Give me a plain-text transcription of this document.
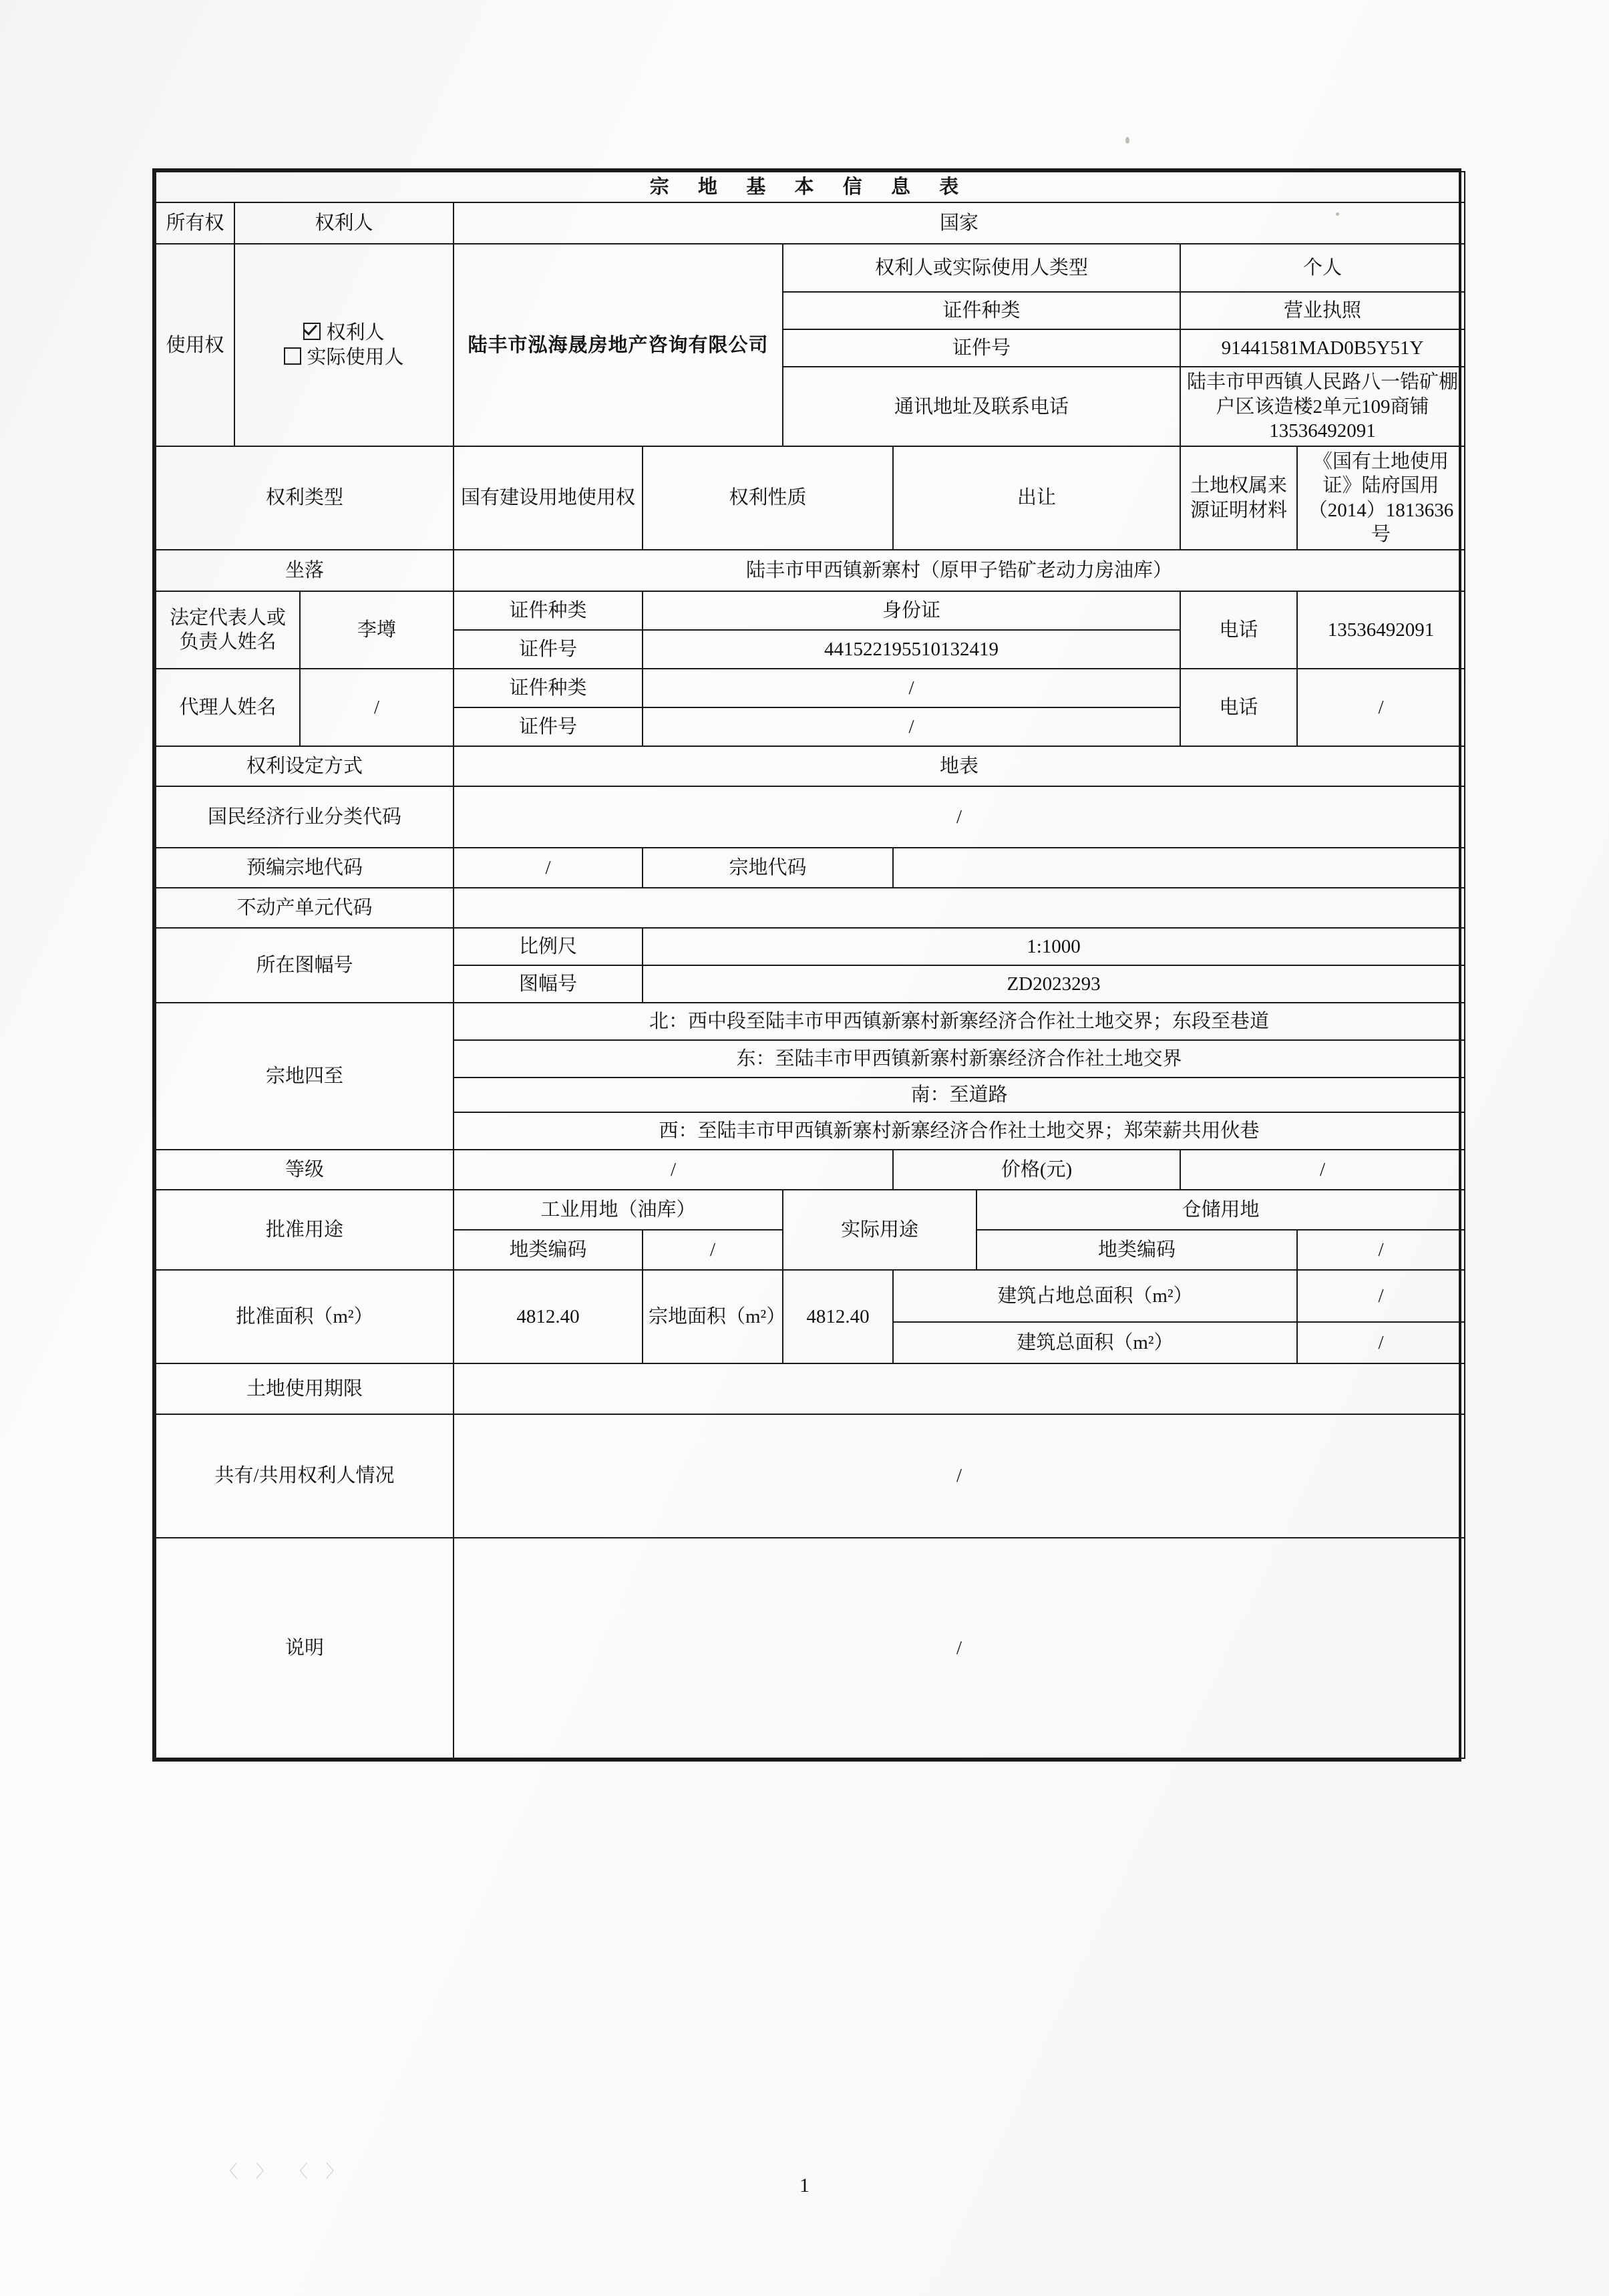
宗 地 基 本 信 息 表									
所有权	权利人		国家						
使用权	权利人
实际使用人		陆丰市泓海晟房地产咨询有限公司		权利人或实际使用人类型			个人	
					证件种类			营业执照	
					证件号			91441581MAD0B5Y51Y	
					通讯地址及联系电话			陆丰市甲西镇人民路八一锆矿棚户区该造楼2单元109商铺 13536492091	
权利类型			国有建设用地使用权	权利性质		出让		土地权属来源证明材料	《国有土地使用证》陆府国用（2014）1813636号
坐落			陆丰市甲西镇新寨村（原甲子锆矿老动力房油库）						
法定代表人或负责人姓名		李墫	证件种类	身份证				电话	13536492091
			证件号	441522195510132419					
代理人姓名		/	证件种类	/				电话	/
			证件号	/					
权利设定方式			地表						
国民经济行业分类代码			/						
预编宗地代码			/	宗地代码					
不动产单元代码									
所在图幅号			比例尺	1:1000					
			图幅号	ZD2023293					
宗地四至			北：西中段至陆丰市甲西镇新寨村新寨经济合作社土地交界；东段至巷道						
			东：至陆丰市甲西镇新寨村新寨经济合作社土地交界						
			南：至道路						
			西：至陆丰市甲西镇新寨村新寨经济合作社土地交界；郑荣薪共用伙巷						
等级			/			价格(元)		/	
批准用途			工业用地（油库）		实际用途		仓储用地		
			地类编码	/			地类编码		/
批准面积（m²）			4812.40	宗地面积（m²）	4812.40	建筑占地总面积（m²）			/
						建筑总面积（m²）			/
土地使用期限									
共有/共用权利人情况			/						
说明			/						
〈 〉 〈 〉
1
